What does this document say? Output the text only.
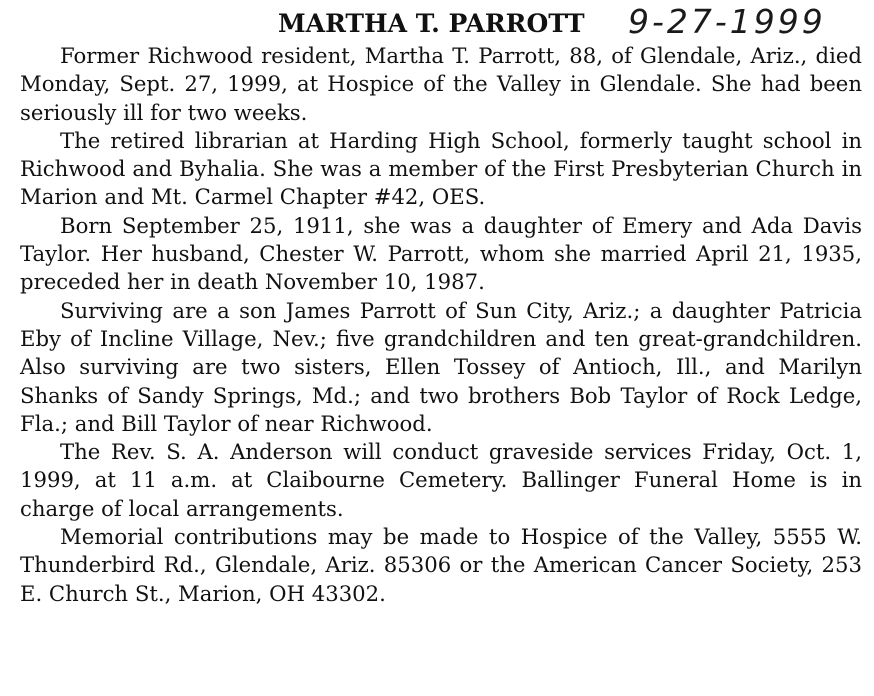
MARTHA T. PARROTT 9-27-1999

Former Richwood resident, Martha T. Parrott, 88, of Glendale, Ariz., died Monday, Sept. 27, 1999, at Hospice of the Valley in Glendale. She had been seriously ill for two weeks.

The retired librarian at Harding High School, formerly taught school in Richwood and Byhalia. She was a member of the First Presbyterian Church in Marion and Mt. Carmel Chapter #42, OES.

Born September 25, 1911, she was a daughter of Emery and Ada Davis Taylor. Her husband, Chester W. Parrott, whom she married April 21, 1935, preceded her in death November 10, 1987.

Surviving are a son James Parrott of Sun City, Ariz.; a daughter Patricia Eby of Incline Village, Nev.; five grandchildren and ten great-grandchildren. Also surviving are two sisters, Ellen Tossey of Antioch, Ill., and Marilyn Shanks of Sandy Springs, Md.; and two brothers Bob Taylor of Rock Ledge, Fla.; and Bill Taylor of near Richwood.

The Rev. S. A. Anderson will conduct graveside services Friday, Oct. 1, 1999, at 11 a.m. at Claibourne Cemetery. Ballinger Funeral Home is in charge of local arrangements.

Memorial contributions may be made to Hospice of the Valley, 5555 W. Thunderbird Rd., Glendale, Ariz. 85306 or the American Cancer Society, 253 E. Church St., Marion, OH 43302.
